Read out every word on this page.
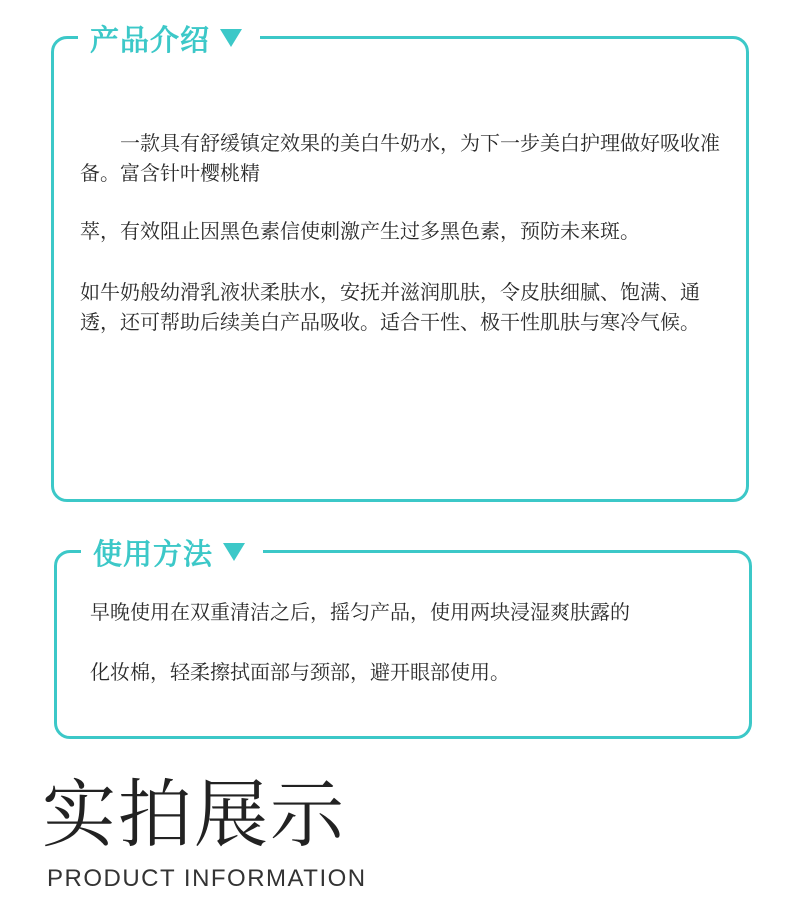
产品介绍

一款具有舒缓镇定效果的美白牛奶水，为下一步美白护理做好吸收准备。富含针叶樱桃精

萃，有效阻止因黑色素信使刺激产生过多黑色素，预防未来斑。

如牛奶般幼滑乳液状柔肤水，安抚并滋润肌肤，令皮肤细腻、饱满、通透，还可帮助后续美白产品吸收。适合干性、极干性肌肤与寒冷气候。

使用方法

早晚使用在双重清洁之后，摇匀产品，使用两块浸湿爽肤露的

化妆棉，轻柔擦拭面部与颈部，避开眼部使用。

实拍展示

PRODUCT INFORMATION
